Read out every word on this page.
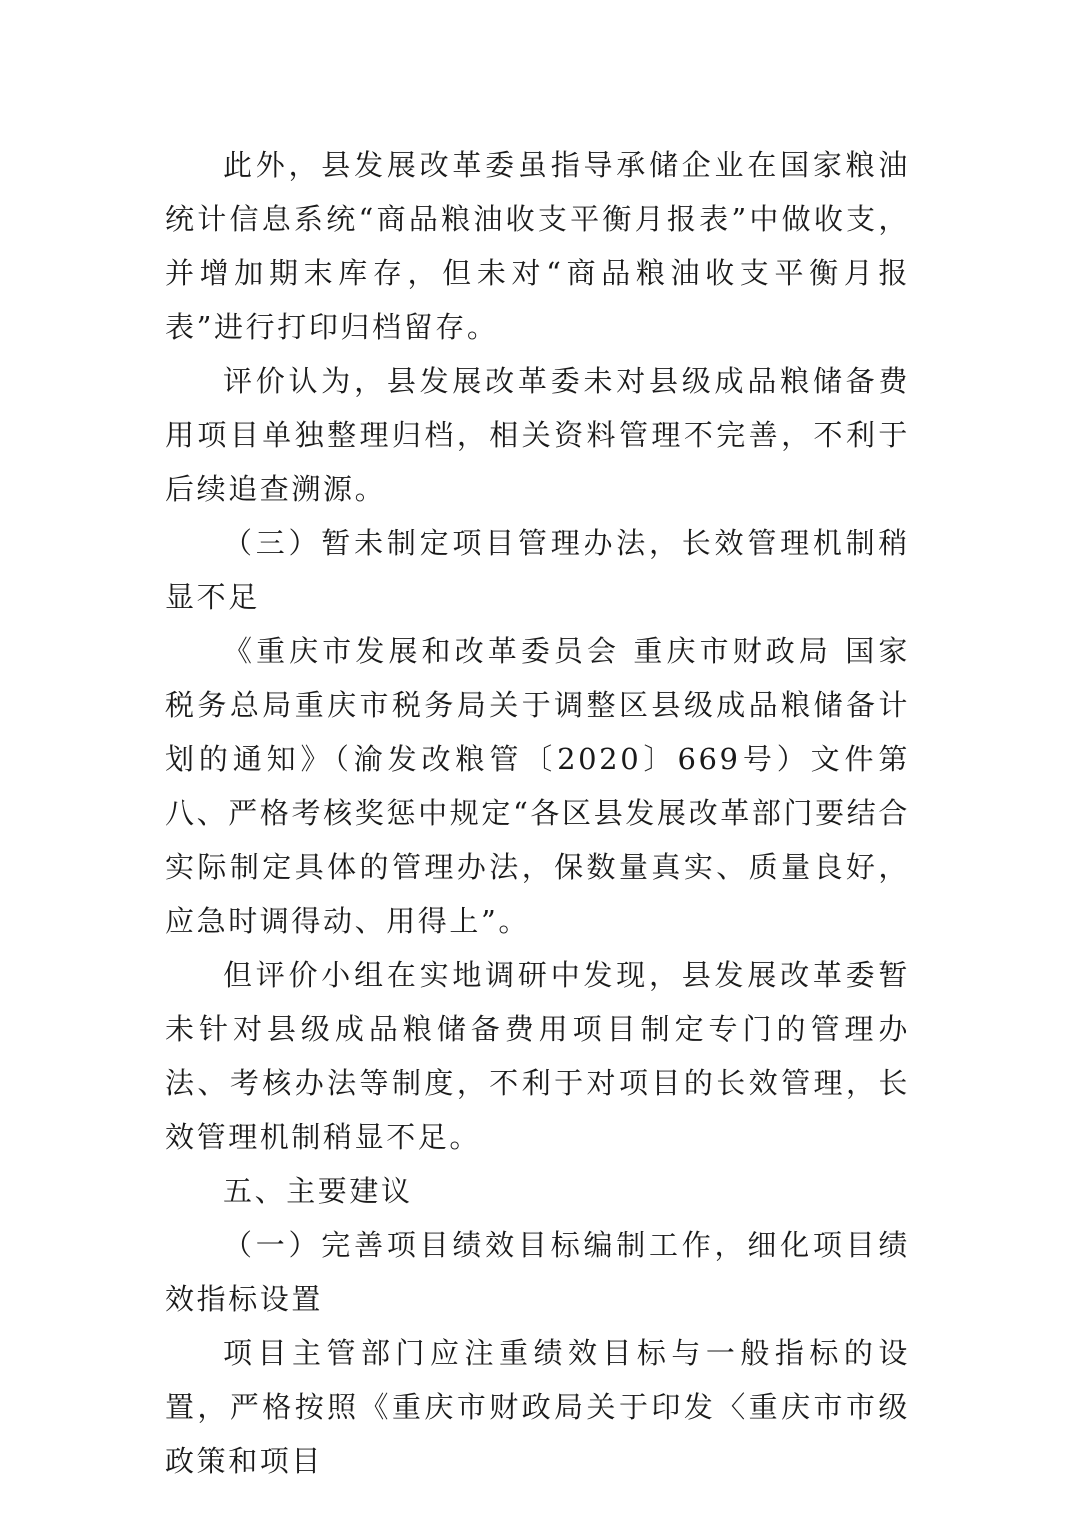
此外，县发展改革委虽指导承储企业在国家粮油统计信息系统“商品粮油收支平衡月报表”中做收支，并增加期末库存，但未对“商品粮油收支平衡月报表”进行打印归档留存。

评价认为，县发展改革委未对县级成品粮储备费用项目单独整理归档，相关资料管理不完善，不利于后续追查溯源。

（三）暂未制定项目管理办法，长效管理机制稍显不足

《重庆市发展和改革委员会 重庆市财政局 国家税务总局重庆市税务局关于调整区县级成品粮储备计划的通知》（渝发改粮管〔2020〕669号）文件第八、严格考核奖惩中规定“各区县发展改革部门要结合实际制定具体的管理办法，保数量真实、质量良好，应急时调得动、用得上”。

但评价小组在实地调研中发现，县发展改革委暂未针对县级成品粮储备费用项目制定专门的管理办法、考核办法等制度，不利于对项目的长效管理，长效管理机制稍显不足。

五、主要建议

（一）完善项目绩效目标编制工作，细化项目绩效指标设置

项目主管部门应注重绩效目标与一般指标的设置，严格按照《重庆市财政局关于印发〈重庆市市级政策和项目
